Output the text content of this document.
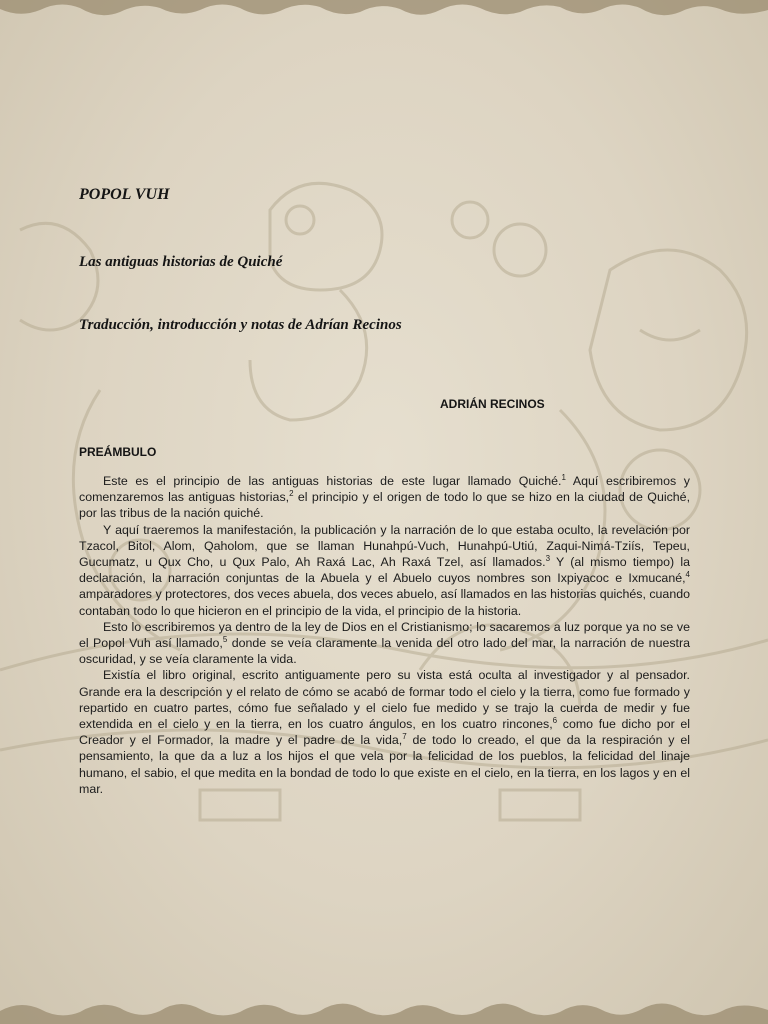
POPOL VUH
Las antiguas historias de Quiché
Traducción, introducción y notas de Adrían Recinos
ADRIÁN RECINOS
PREÁMBULO

Este es el principio de las antiguas historias de este lugar llamado Quiché.$^1$ Aquí escribiremos y comenzaremos las antiguas historias,$^2$ el principio y el origen de todo lo que se hizo en la ciudad de Quiché, por las tribus de la nación quiché.

Y aquí traeremos la manifestación, la publicación y la narración de lo que estaba oculto, la revelación por Tzacol, Bitol, Alom, Qaholom, que se llaman Hunahpú-Vuch, Hunahpú-Utiú, Zaqui-Nimá-Tziís, Tepeu, Gucumatz, u Qux Cho, u Qux Palo, Ah Raxá Lac, Ah Raxá Tzel, así llamados.$^3$ Y (al mismo tiempo) la declaración, la narración conjuntas de la Abuela y el Abuelo cuyos nombres son Ixpiyacoc e Ixmucané,$^4$ amparadores y protectores, dos veces abuela, dos veces abuelo, así llamados en las historias quichés, cuando contaban todo lo que hicieron en el principio de la vida, el principio de la historia.

Esto lo escribiremos ya dentro de la ley de Dios en el Cristianismo; lo sacaremos a luz porque ya no se ve el Popol Vuh así llamado,$^5$ donde se veía claramente la venida del otro lado del mar, la narración de nuestra oscuridad, y se veía claramente la vida.

Existía el libro original, escrito antiguamente pero su vista está oculta al investigador y al pensador. Grande era la descripción y el relato de cómo se acabó de formar todo el cielo y la tierra, como fue formado y repartido en cuatro partes, cómo fue señalado y el cielo fue medido y se trajo la cuerda de medir y fue extendida en el cielo y en la tierra, en los cuatro ángulos, en los cuatro rincones,$^6$ como fue dicho por el Creador y el Formador, la madre y el padre de la vida,$^7$ de todo lo creado, el que da la respiración y el pensamiento, la que da a luz a los hijos el que vela por la felicidad de los pueblos, la felicidad del linaje humano, el sabio, el que medita en la bondad de todo lo que existe en el cielo, en la tierra, en los lagos y en el mar.
